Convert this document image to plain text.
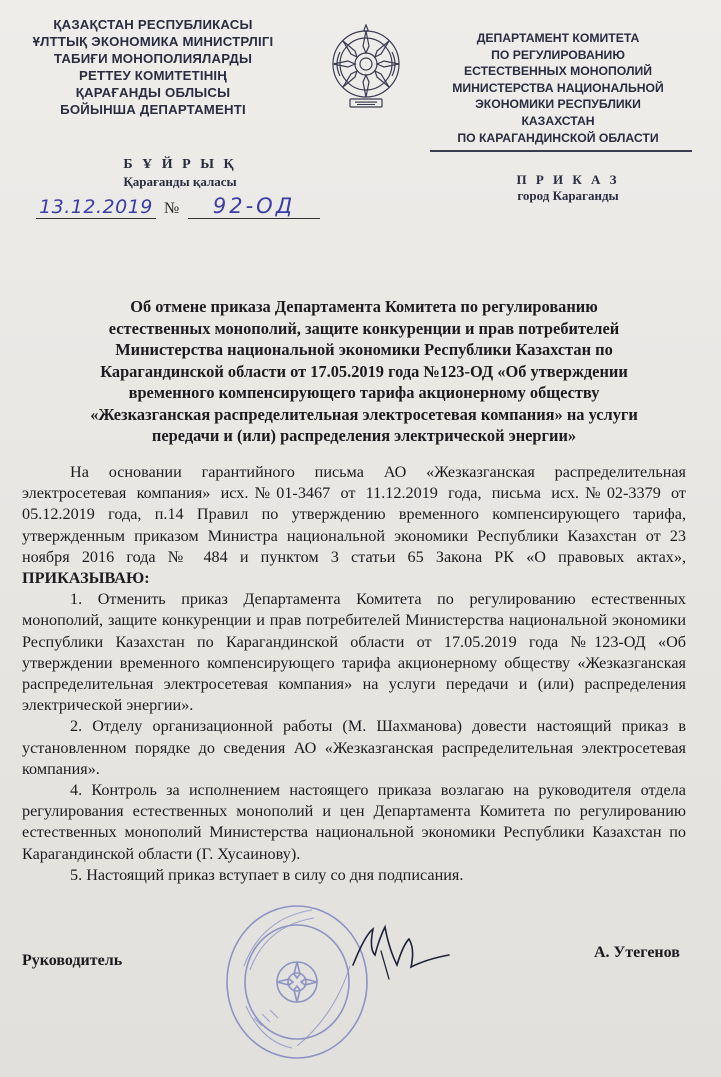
ҚАЗАҚСТАН РЕСПУБЛИКАСЫ
ҰЛТТЫҚ ЭКОНОМИКА МИНИСТРЛІГІ
ТАБИҒИ МОНОПОЛИЯЛАРДЫ
РЕТТЕУ КОМИТЕТІНІҢ
ҚАРАҒАНДЫ ОБЛЫСЫ
БОЙЫНША ДЕПАРТАМЕНТІ
ДЕПАРТАМЕНТ КОМИТЕТА
ПО РЕГУЛИРОВАНИЮ
ЕСТЕСТВЕННЫХ МОНОПОЛИЙ
МИНИСТЕРСТВА НАЦИОНАЛЬНОЙ
ЭКОНОМИКИ РЕСПУБЛИКИ
КАЗАХСТАН
ПО КАРАГАНДИНСКОЙ ОБЛАСТИ
Б Ұ Й Р Ы Қ
Қарағанды қаласы	П Р И К А З
город Караганды
13.12.2019 №	92-ОД
Об отмене приказа Департамента Комитета по регулированию
естественных монополий, защите конкуренции и прав потребителей
Министерства национальной экономики Республики Казахстан по
Карагандинской области от 17.05.2019 года №123-ОД «Об утверждении
временного компенсирующего тарифа акционерному обществу
«Жезказганская распределительная электросетевая компания» на услуги
передачи и (или) распределения электрической энергии»

На основании гарантийного письма АО «Жезказганская распределительная электросетевая компания» исх.№01-3467 от 11.12.2019 года, письма исх.№02-3379 от 05.12.2019 года, п.14 Правил по утверждению временного компенсирующего тарифа, утвержденным приказом Министра национальной экономики Республики Казахстан от 23 ноября 2016 года № 484 и пунктом 3 статьи 65 Закона РК «О правовых актах», ПРИКАЗЫВАЮ:

1. Отменить приказ Департамента Комитета по регулированию естественных монополий, защите конкуренции и прав потребителей Министерства национальной экономики Республики Казахстан по Карагандинской области от 17.05.2019 года №123-ОД «Об утверждении временного компенсирующего тарифа акционерному обществу «Жезказганская распределительная электросетевая компания» на услуги передачи и (или) распределения электрической энергии».

2. Отделу организационной работы (М. Шахманова) довести настоящий приказ в установленном порядке до сведения АО «Жезказганская распределительная электросетевая компания».

4. Контроль за исполнением настоящего приказа возлагаю на руководителя отдела регулирования естественных монополий и цен Департамента Комитета по регулированию естественных монополий Министерства национальной экономики Республики Казахстан по Карагандинской области (Г. Хусаинову).

5. Настоящий приказ вступает в силу со дня подписания.

Руководитель	А. Утегенов
